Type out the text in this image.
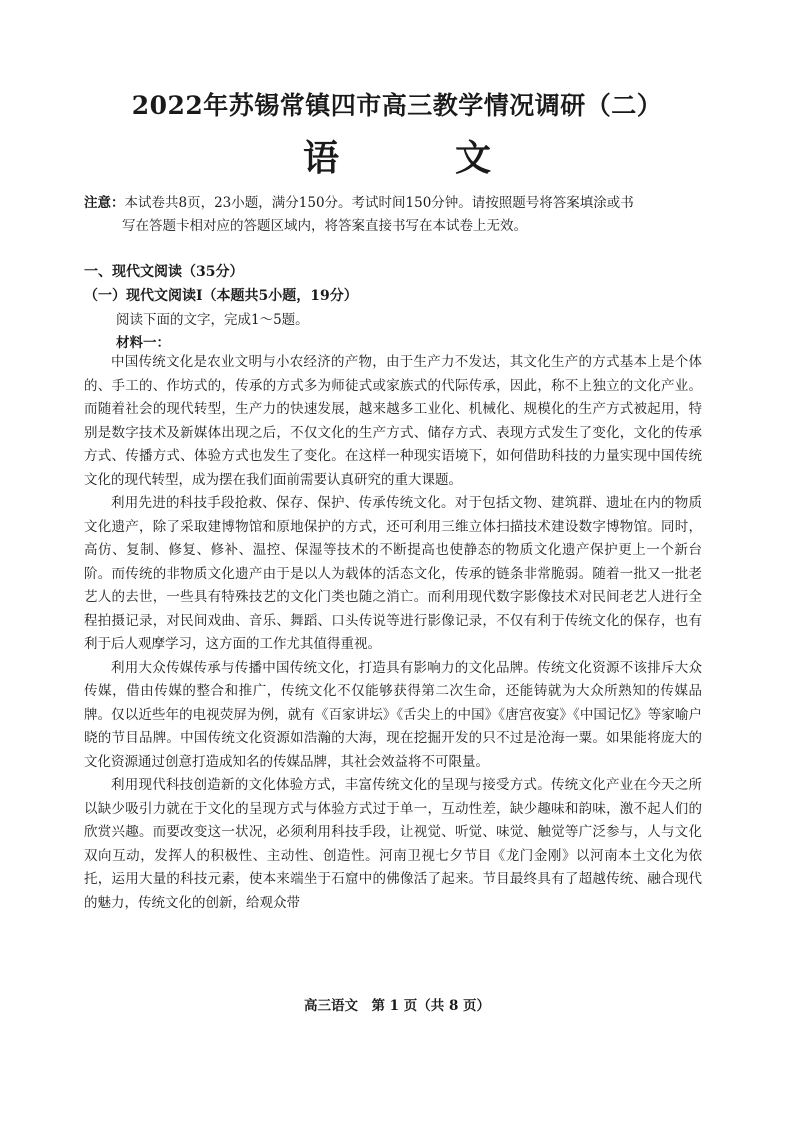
2022年苏锡常镇四市高三教学情况调研（二）
语　文
注意：本试卷共8页，23小题，满分150分。考试时间150分钟。请按照题号将答案填涂或书
写在答题卡相对应的答题区域内，将答案直接书写在本试卷上无效。
一、现代文阅读（35分）
（一）现代文阅读Ⅰ（本题共5小题，19分）
阅读下面的文字，完成1～5题。
材料一：

中国传统文化是农业文明与小农经济的产物，由于生产力不发达，其文化生产的方式基本上是个体的、手工的、作坊式的，传承的方式多为师徒式或家族式的代际传承，因此，称不上独立的文化产业。而随着社会的现代转型，生产力的快速发展，越来越多工业化、机械化、规模化的生产方式被起用，特别是数字技术及新媒体出现之后，不仅文化的生产方式、储存方式、表现方式发生了变化，文化的传承方式、传播方式、体验方式也发生了变化。在这样一种现实语境下，如何借助科技的力量实现中国传统文化的现代转型，成为摆在我们面前需要认真研究的重大课题。

利用先进的科技手段抢救、保存、保护、传承传统文化。对于包括文物、建筑群、遗址在内的物质文化遗产，除了采取建博物馆和原地保护的方式，还可利用三维立体扫描技术建设数字博物馆。同时，高仿、复制、修复、修补、温控、保湿等技术的不断提高也使静态的物质文化遗产保护更上一个新台阶。而传统的非物质文化遗产由于是以人为载体的活态文化，传承的链条非常脆弱。随着一批又一批老艺人的去世，一些具有特殊技艺的文化门类也随之消亡。而利用现代数字影像技术对民间老艺人进行全程拍摄记录，对民间戏曲、音乐、舞蹈、口头传说等进行影像记录，不仅有利于传统文化的保存，也有利于后人观摩学习，这方面的工作尤其值得重视。

利用大众传媒传承与传播中国传统文化，打造具有影响力的文化品牌。传统文化资源不该排斥大众传媒，借由传媒的整合和推广，传统文化不仅能够获得第二次生命，还能铸就为大众所熟知的传媒品牌。仅以近些年的电视荧屏为例，就有《百家讲坛》《舌尖上的中国》《唐宫夜宴》《中国记忆》等家喻户晓的节目品牌。中国传统文化资源如浩瀚的大海，现在挖掘开发的只不过是沧海一粟。如果能将庞大的文化资源通过创意打造成知名的传媒品牌，其社会效益将不可限量。

利用现代科技创造新的文化体验方式，丰富传统文化的呈现与接受方式。传统文化产业在今天之所以缺少吸引力就在于文化的呈现方式与体验方式过于单一，互动性差，缺少趣味和韵味，激不起人们的欣赏兴趣。而要改变这一状况，必须利用科技手段，让视觉、听觉、味觉、触觉等广泛参与，人与文化双向互动，发挥人的积极性、主动性、创造性。河南卫视七夕节目《龙门金刚》以河南本土文化为依托，运用大量的科技元素，使本来端坐于石窟中的佛像活了起来。节目最终具有了超越传统、融合现代的魅力，传统文化的创新，给观众带

高三语文　第 1 页（共 8 页）
